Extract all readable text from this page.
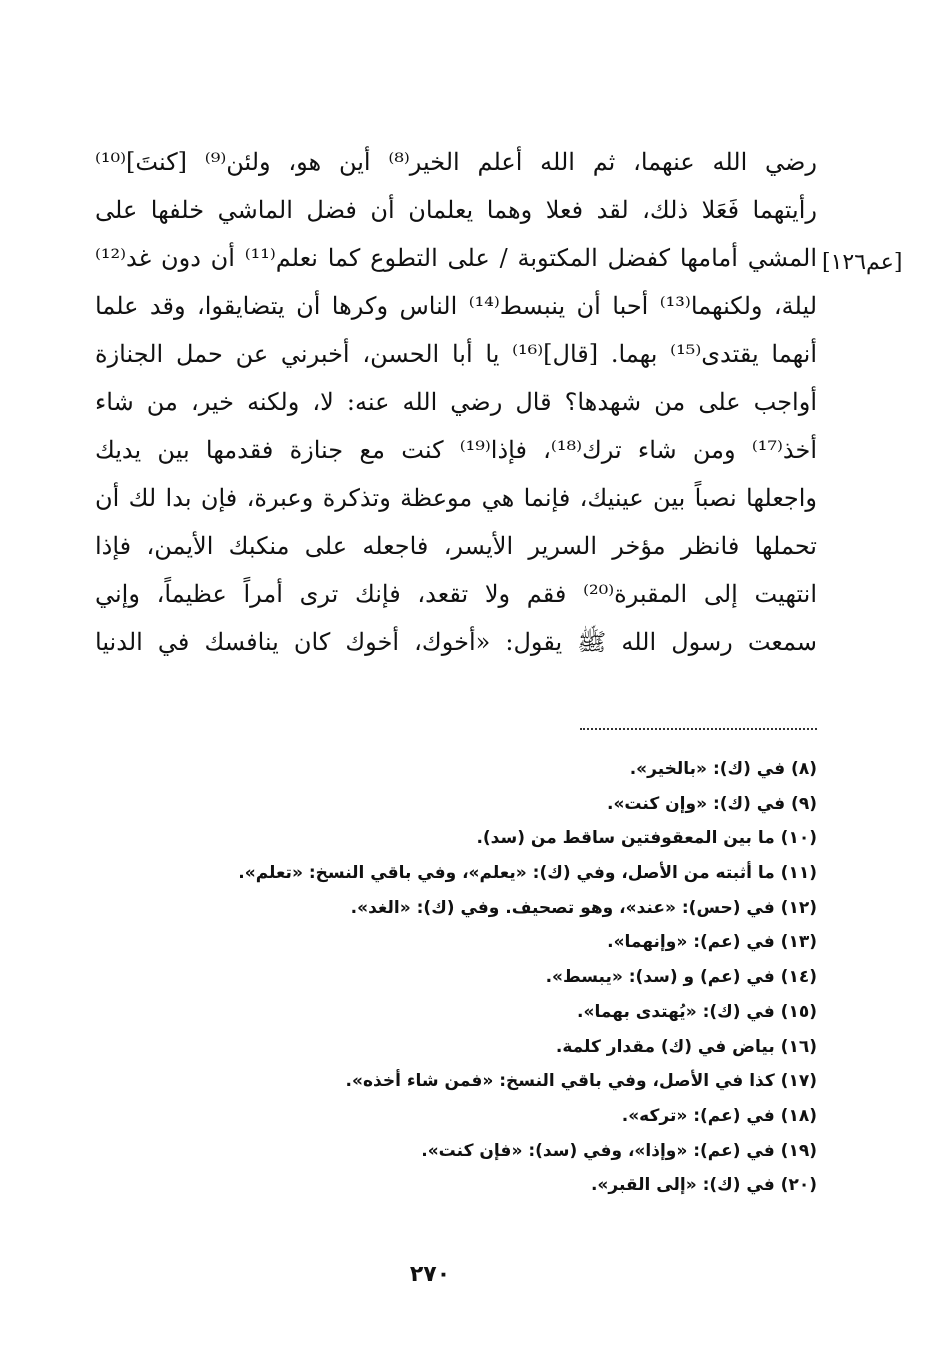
[عم١٢٦]
رضي الله عنهما، ثم الله أعلم الخير⁽⁸⁾ أين هو، ولئن⁽⁹⁾ [كنتَ]⁽¹⁰⁾
رأيتهما فَعَلا ذلك، لقد فعلا وهما يعلمان أن فضل الماشي خلفها على
المشي أمامها كفضل المكتوبة / على التطوع كما نعلم⁽¹¹⁾ أن دون غد⁽¹²⁾
ليلة، ولكنهما⁽¹³⁾ أحبا أن ينبسط⁽¹⁴⁾ الناس وكرها أن يتضايقوا، وقد علما
أنهما يقتدى⁽¹⁵⁾ بهما. [قال]⁽¹⁶⁾ يا أبا الحسن، أخبرني عن حمل الجنازة
أواجب على من شهدها؟ قال رضي الله عنه: لا، ولكنه خير، من شاء
أخذ⁽¹⁷⁾ ومن شاء ترك⁽¹⁸⁾، فإذا⁽¹⁹⁾ كنت مع جنازة فقدمها بين يديك
واجعلها نصباً بين عينيك، فإنما هي موعظة وتذكرة وعبرة، فإن بدا لك أن
تحملها فانظر مؤخر السرير الأيسر، فاجعله على منكبك الأيمن، فإذا
انتهيت إلى المقبرة⁽²⁰⁾ فقم ولا تقعد، فإنك ترى أمراً عظيماً، وإني
سمعت رسول الله ﷺ يقول: «أخوك، أخوك كان ينافسك في الدنيا
(٨) في (ك): «بالخير».
(٩) في (ك): «وإن كنت».
(١٠) ما بين المعقوفتين ساقط من (سد).
(١١) ما أثبته من الأصل، وفي (ك): «يعلم»، وفي باقي النسخ: «تعلم».
(١٢) في (حس): «عند»، وهو تصحيف. وفي (ك): «الغد».
(١٣) في (عم): «وإنهما».
(١٤) في (عم) و (سد): «يبسط».
(١٥) في (ك): «يُهتدى بهما».
(١٦) بياض في (ك) مقدار كلمة.
(١٧) كذا في الأصل، وفي باقي النسخ: «فمن شاء أخذه».
(١٨) في (عم): «تركه».
(١٩) في (عم): «وإذا»، وفي (سد): «فإن كنت».
(٢٠) في (ك): «إلى القبر».
٢٧٠
